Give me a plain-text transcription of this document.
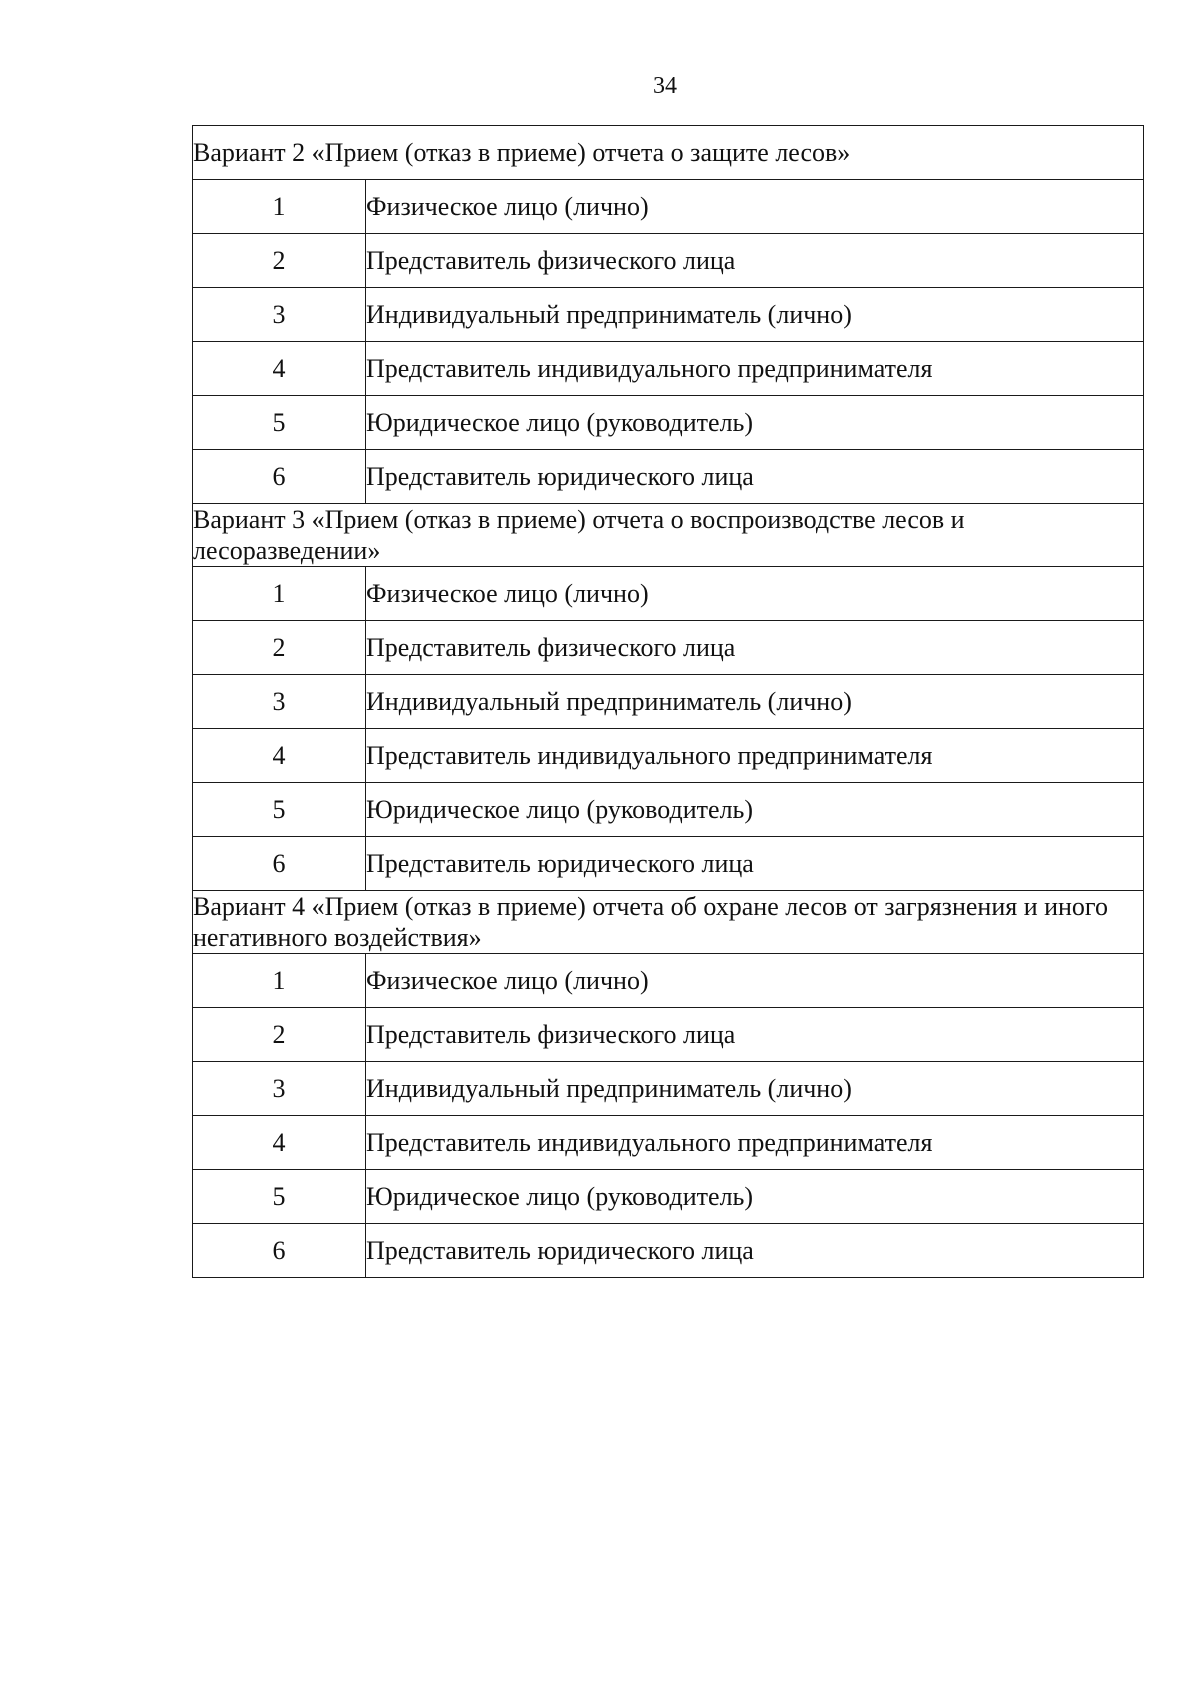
34
Вариант 2 «Прием (отказ в приеме) отчета о защите лесов»	
1	Физическое лицо (лично)
2	Представитель физического лица
3	Индивидуальный предприниматель (лично)
4	Представитель индивидуального предпринимателя
5	Юридическое лицо (руководитель)
6	Представитель юридического лица
Вариант 3 «Прием (отказ в приеме) отчета о воспроизводстве лесов и лесоразведении»	
1	Физическое лицо (лично)
2	Представитель физического лица
3	Индивидуальный предприниматель (лично)
4	Представитель индивидуального предпринимателя
5	Юридическое лицо (руководитель)
6	Представитель юридического лица
Вариант 4 «Прием (отказ в приеме) отчета об охране лесов от загрязнения и иного негативного воздействия»	
1	Физическое лицо (лично)
2	Представитель физического лица
3	Индивидуальный предприниматель (лично)
4	Представитель индивидуального предпринимателя
5	Юридическое лицо (руководитель)
6	Представитель юридического лица
